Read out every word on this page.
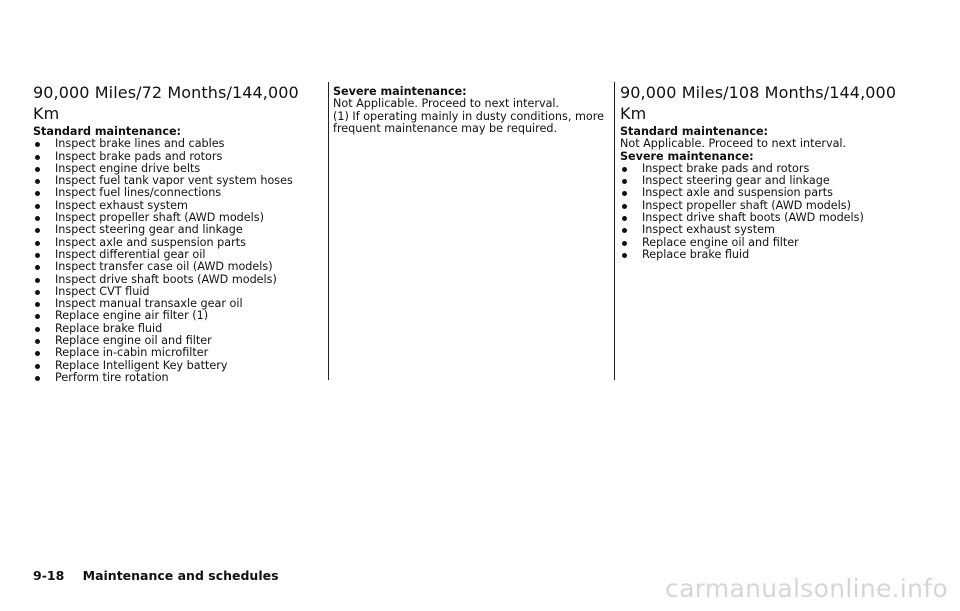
90,000 Miles/72 Months/144,000 Km
Standard maintenance:
Inspect brake lines and cables
Inspect brake pads and rotors
Inspect engine drive belts
Inspect fuel tank vapor vent system hoses
Inspect fuel lines/connections
Inspect exhaust system
Inspect propeller shaft (AWD models)
Inspect steering gear and linkage
Inspect axle and suspension parts
Inspect differential gear oil
Inspect transfer case oil (AWD models)
Inspect drive shaft boots (AWD models)
Inspect CVT fluid
Inspect manual transaxle gear oil
Replace engine air filter (1)
Replace brake fluid
Replace engine oil and filter
Replace in-cabin microfilter
Replace Intelligent Key battery
Perform tire rotation
Severe maintenance:
Not Applicable. Proceed to next interval.
(1) If operating mainly in dusty conditions, more frequent maintenance may be required.
90,000 Miles/108 Months/144,000 Km
Standard maintenance:
Not Applicable. Proceed to next interval.
Severe maintenance:
Inspect brake pads and rotors
Inspect steering gear and linkage
Inspect axle and suspension parts
Inspect propeller shaft (AWD models)
Inspect drive shaft boots (AWD models)
Inspect exhaust system
Replace engine oil and filter
Replace brake fluid
9-18 Maintenance and schedules	carmanualsonline.info
